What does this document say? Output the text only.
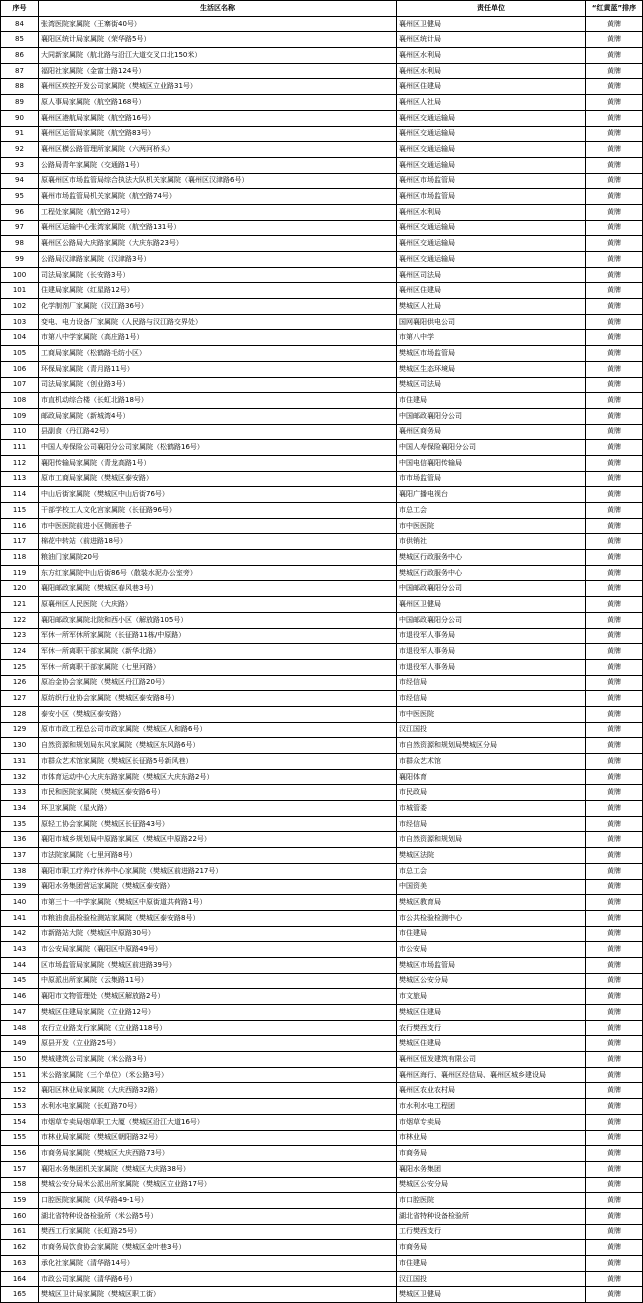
序号	生活区名称	责任单位	“红黄蓝”排序
84	张湾医院家属院（王寨街40号）	襄州区卫健局	黄牌
85	襄阳区统计局家属院（荣华路5号）	襄州区统计局	黄牌
86	大同新家属院（航北路与沿江大道交叉口北150米）	襄州区水利局	黄牌
87	福阳社家属院（金富士路124号）	襄州区水利局	黄牌
88	襄州区疾控开发公司家属院（樊城区立业路31号）	襄州区住建局	黄牌
89	原人事局家属院（航空路168号）	襄州区人社局	黄牌
90	襄州区港航局家属院（航空路16号）	襄州区交通运输局	黄牌
91	襄州区运管局家属院（航空路83号）	襄州区交通运输局	黄牌
92	襄州区横公路管理所家属院（六两河桥头）	襄州区交通运输局	黄牌
93	公路局青年家属院（交通路1号）	襄州区交通运输局	黄牌
94	原襄州区市场监管局综合执法大队机关家属院（襄州区汉津路6号）	襄州区市场监管局	黄牌
95	襄州市场监管局机关家属院（航空路74号）	襄州区市场监管局	黄牌
96	工程处家属院（航空路12号）	襄州区水利局	黄牌
97	襄州区运输中心张湾家属院（航空路131号）	襄州区交通运输局	黄牌
98	襄州区公路局大庆路家属院（大庆东路23号）	襄州区交通运输局	黄牌
99	公路局汉津路家属院（汉津路3号）	襄州区交通运输局	黄牌
100	司法局家属院（长安路3号）	襄州区司法局	黄牌
101	住建局家属院（红星路12号）	襄州区住建局	黄牌
102	化学制剂厂家属院（汉江路36号）	樊城区人社局	黄牌
103	变电、电力设备厂家属院（人民路与汉江路交界处）	国网襄阳供电公司	黄牌
104	市第八中学家属院（高庄路1号）	市第八中学	黄牌
105	工商局家属院（松鹤路毛纺小区）	樊城区市场监管局	黄牌
106	环保局家属院（青月路11号）	樊城区生态环境局	黄牌
107	司法局家属院（创业路3号）	樊城区司法局	黄牌
108	市直机动综合楼（长虹北路18号）	市住建局	黄牌
109	邮政局家属院（新城湾4号）	中国邮政襄阳分公司	黄牌
110	县副食（丹江路42号）	襄州区商务局	黄牌
111	中国人寿保险公司襄阳分公司家属院（松鹤路16号）	中国人寿保险襄阳分公司	黄牌
112	襄阳传输局家属院（青龙高路1号）	中国电信襄阳传输局	黄牌
113	原市工商局家属院（樊城区泰安路）	市市场监管局	黄牌
114	中山后街家属院（樊城区中山后街76号）	襄阳广播电视台	黄牌
115	干部学校工人文化宫家属院（长征路96号）	市总工会	黄牌
116	市中医医院前进小区侧面巷子	市中医医院	黄牌
117	棉花中转站（前进路18号）	市供销社	黄牌
118	粮油门家属院20号	樊城区行政服务中心	黄牌
119	东方红家属院中山后街86号（散装水泥办公室旁）	樊城区行政服务中心	黄牌
120	襄阳邮政家属院（樊城区春风巷3号）	中国邮政襄阳分公司	黄牌
121	原襄州区人民医院（大庆路）	襄州区卫健局	黄牌
122	襄阳邮政家属院北院和西小区（解放路105号）	中国邮政襄阳分公司	黄牌
123	军休一所军休所家属院（长征路11栋/中原路）	市退役军人事务局	黄牌
124	军休一所离职干部家属院（新华北路）	市退役军人事务局	黄牌
125	军休一所离职干部家属院（七里河路）	市退役军人事务局	黄牌
126	原冶金协会家属院（樊城区丹江路20号）	市经信局	黄牌
127	原纺织行业协会家属院（樊城区泰安路8号）	市经信局	黄牌
128	泰安小区（樊城区泰安路）	市中医医院	黄牌
129	原市市政工程总公司市政家属院（樊城区人和路6号）	汉江国投	黄牌
130	自然资源和规划局东风家属院（樊城区东风路6号）	市自然资源和规划局樊城区分局	黄牌
131	市群众艺术馆家属院（樊城区长征路5号新风巷）	市群众艺术馆	黄牌
132	市体育运动中心大庆东路家属院（樊城区大庆东路2号）	襄阳体育	黄牌
133	市民和医院家属院（樊城区泰安路6号）	市民政局	黄牌
134	环卫家属院（星火路）	市城管委	黄牌
135	原轻工协会家属院（樊城区长征路43号）	市经信局	黄牌
136	襄阳市城乡规划局中原路家属区（樊城区中原路22号）	市自然资源和规划局	黄牌
137	市法院家属院（七里河路8号）	樊城区法院	黄牌
138	襄阳市职工疗养疗休养中心家属院（樊城区前进路217号）	市总工会	黄牌
139	襄阳水务集团营运家属院（樊城区泰安路）	中国资美	黄牌
140	市第三十一中学家属院（樊城区中原街道共荷路1号）	樊城区教育局	黄牌
141	市粮油食品检验检测站家属院（樊城区泰安路8号）	市公共检验检测中心	黄牌
142	市新路站大院（樊城区中原路30号）	市住建局	黄牌
143	市公安局家属院（襄阳区中原路49号）	市公安局	黄牌
144	区市场监管局家属院（樊城区前进路39号）	樊城区市场监管局	黄牌
145	中原派出所家属院（云集路11号）	樊城区公安分局	黄牌
146	襄阳市文物管理处（樊城区解放路2号）	市文旅局	黄牌
147	樊城区住建局家属院（立业路12号）	樊城区住建局	黄牌
148	农行立业路支行家属院（立业路118号）	农行樊西支行	黄牌
149	原县开发（立业路25号）	樊城区住建局	黄牌
150	樊城建筑公司家属院（米公路3号）	襄州区恒发建筑有限公司	黄牌
151	米公路家属院（三个单位）（米公路3号）	襄州区海行、襄州区经信局、襄州区城乡建设局	黄牌
152	襄阳区林业局家属院（大庆西路32路）	襄州区农业农村局	黄牌
153	水利水电家属院（长虹路70号）	市水利水电工程团	黄牌
154	市烟草专卖局烟草职工大厦（樊城区沿江大道16号）	市烟草专卖局	黄牌
155	市林业局家属院（樊城区朝阳路32号）	市林业局	黄牌
156	市商务局家属院（樊城区大庆西路73号）	市商务局	黄牌
157	襄阳水务集团机关家属院（樊城区大庆路38号）	襄阳水务集团	黄牌
158	樊城公安分局米公派出所家属院（樊城区立业路17号）	樊城区公安分局	黄牌
159	口腔医院家属院（风华路49-1号）	市口腔医院	黄牌
160	湖北省特种设备检验所（米公路5号）	湖北省特种设备检验所	黄牌
161	樊西工行家属院（长虹路25号）	工行樊西支行	黄牌
162	市商务局饮食协会家属院（樊城区金叶巷3号）	市商务局	黄牌
163	承化社家属院（清华路14号）	市住建局	黄牌
164	市政公司家属院（清华路6号）	汉江国投	黄牌
165	樊城区卫计局家属院（樊城区职工街）	樊城区卫健局	黄牌
